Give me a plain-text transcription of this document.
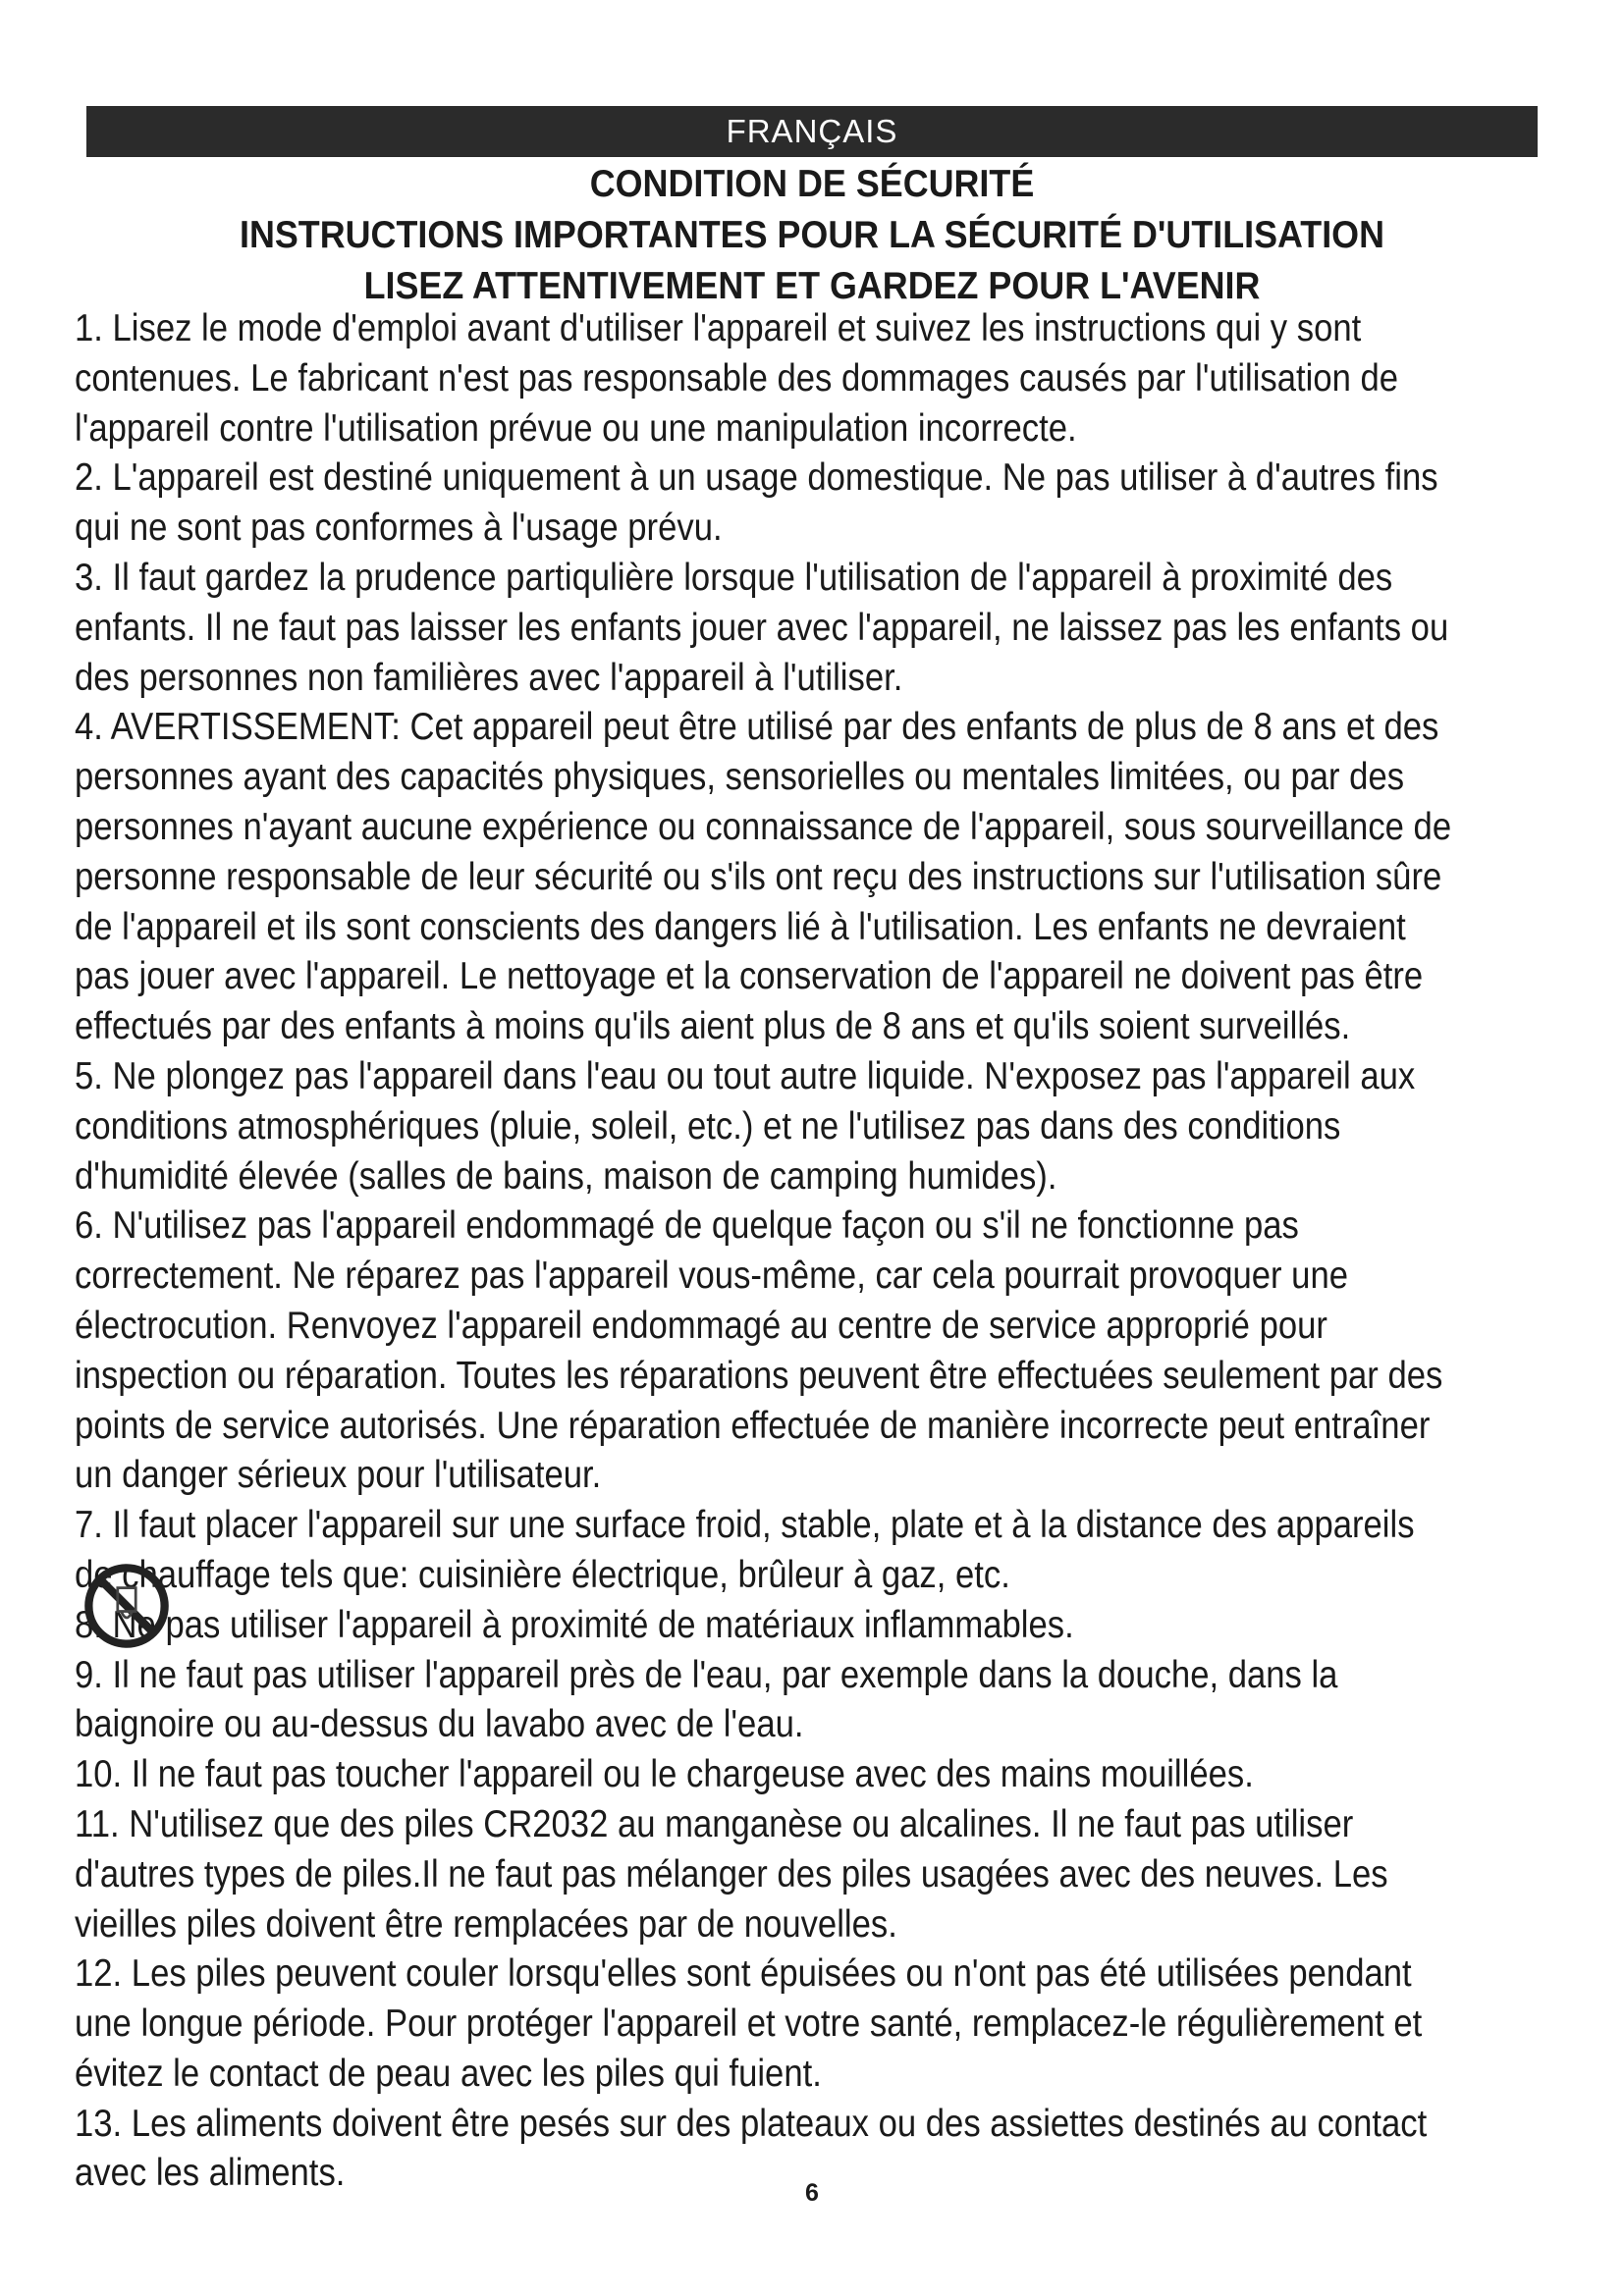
FRANÇAIS
CONDITION DE SÉCURITÉ
INSTRUCTIONS IMPORTANTES POUR LA SÉCURITÉ D'UTILISATION
LISEZ ATTENTIVEMENT ET GARDEZ POUR L'AVENIR

1. Lisez le mode d'emploi avant d'utiliser l'appareil et suivez les instructions qui y sont contenues. Le fabricant n'est pas responsable des dommages causés par l'utilisation de l'appareil contre l'utilisation prévue ou une manipulation incorrecte.

2. L'appareil est destiné uniquement à un usage domestique. Ne pas utiliser à d'autres fins qui ne sont pas conformes à l'usage prévu.

3. Il faut gardez la prudence partiqulière lorsque l'utilisation de l'appareil à proximité des enfants. Il ne faut pas laisser les enfants jouer avec l'appareil, ne laissez pas les enfants ou des personnes non familières avec l'appareil à l'utiliser.

4. AVERTISSEMENT: Cet appareil peut être utilisé par des enfants de plus de 8 ans et des personnes ayant des capacités physiques, sensorielles ou mentales limitées, ou par des personnes n'ayant aucune expérience ou connaissance de l'appareil, sous sourveillance de personne responsable de leur sécurité ou s'ils ont reçu des instructions sur l'utilisation sûre de l'appareil et ils sont conscients des dangers lié à l'utilisation. Les enfants ne devraient pas jouer avec l'appareil. Le nettoyage et la conservation de l'appareil ne doivent pas être effectués par des enfants à moins qu'ils aient plus de 8 ans et qu'ils soient surveillés.

5. Ne plongez pas l'appareil dans l'eau ou tout autre liquide. N'exposez pas l'appareil aux conditions atmosphériques (pluie, soleil, etc.) et ne l'utilisez pas dans des conditions d'humidité élevée (salles de bains, maison de camping humides).

6. N'utilisez pas l'appareil endommagé de quelque façon ou s'il ne fonctionne pas correctement. Ne réparez pas l'appareil vous-même, car cela pourrait provoquer une électrocution. Renvoyez l'appareil endommagé au centre de service approprié pour inspection ou réparation. Toutes les réparations peuvent être effectuées seulement par des points de service autorisés. Une réparation effectuée de manière incorrecte peut entraîner un danger sérieux pour l'utilisateur.

7. Il faut placer l'appareil sur une surface froid, stable, plate et à la distance des appareils de chauffage tels que: cuisinière électrique, brûleur à gaz, etc.

8. Ne pas utiliser l'appareil à proximité de matériaux inflammables.

9. Il ne faut pas utiliser l'appareil près de l'eau, par exemple dans la douche, dans la baignoire ou au-dessus du lavabo avec de l'eau.

10. Il ne faut pas toucher l'appareil ou le chargeuse avec des mains mouillées.

11. N'utilisez que des piles CR2032 au manganèse ou alcalines. Il ne faut pas utiliser d'autres types de piles.Il ne faut pas mélanger des piles usagées avec des neuves. Les vieilles piles doivent être remplacées par de nouvelles.

12. Les piles peuvent couler lorsqu'elles sont épuisées ou n'ont pas été utilisées pendant une longue période. Pour protéger l'appareil et votre santé, remplacez-le régulièrement et évitez le contact de peau avec les piles qui fuient.

13. Les aliments doivent être pesés sur des plateaux ou des assiettes destinés au contact avec les aliments.	6
